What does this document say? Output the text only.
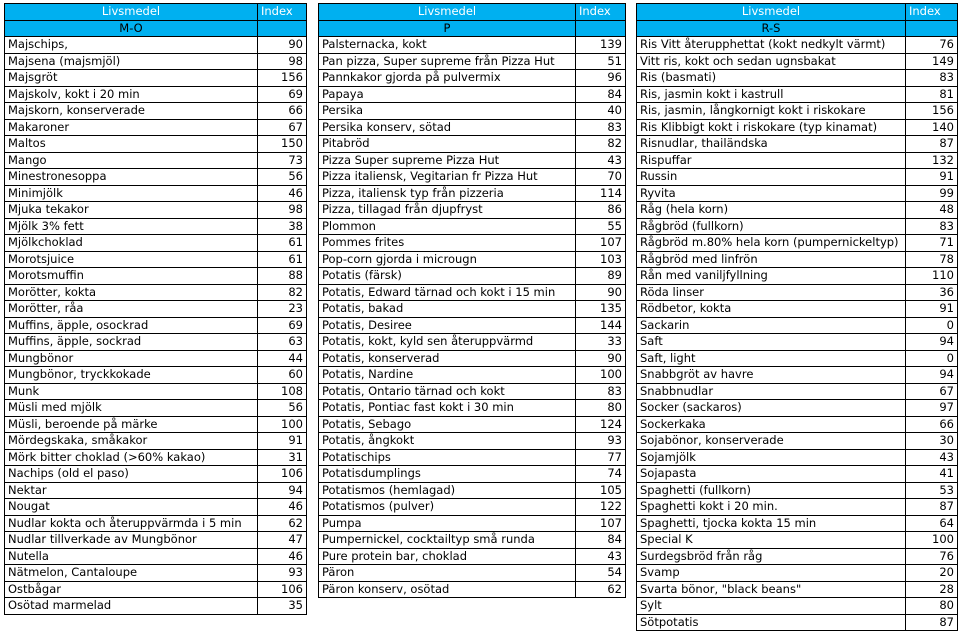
Livsmedel	Index
M-O	
Majschips,	90
Majsena (majsmjöl)	98
Majsgröt	156
Majskolv, kokt i 20 min	69
Majskorn, konserverade	66
Makaroner	67
Maltos	150
Mango	73
Minestronesoppa	56
Minimjölk	46
Mjuka tekakor	98
Mjölk 3% fett	38
Mjölkchoklad	61
Morotsjuice	61
Morotsmuffin	88
Morötter, kokta	82
Morötter, råa	23
Muffins, äpple, osockrad	69
Muffins, äpple, sockrad	63
Mungbönor	44
Mungbönor, tryckkokade	60
Munk	108
Müsli med mjölk	56
Müsli, beroende på märke	100
Mördegskaka, småkakor	91
Mörk bitter choklad (>60% kakao)	31
Nachips (old el paso)	106
Nektar	94
Nougat	46
Nudlar kokta och återuppvärmda i 5 min	62
Nudlar tillverkade av Mungbönor	47
Nutella	46
Nätmelon, Cantaloupe	93
Ostbågar	106
Osötad marmelad	35
Livsmedel	Index
P	
Palsternacka, kokt	139
Pan pizza, Super supreme från Pizza Hut	51
Pannkakor gjorda på pulvermix	96
Papaya	84
Persika	40
Persika konserv, sötad	83
Pitabröd	82
Pizza Super supreme Pizza Hut	43
Pizza italiensk, Vegitarian fr Pizza Hut	70
Pizza, italiensk typ från pizzeria	114
Pizza, tillagad från djupfryst	86
Plommon	55
Pommes frites	107
Pop-corn gjorda i microugn	103
Potatis (färsk)	89
Potatis, Edward tärnad och kokt i 15 min	90
Potatis, bakad	135
Potatis, Desiree	144
Potatis, kokt, kyld sen återuppvärmd	33
Potatis, konserverad	90
Potatis, Nardine	100
Potatis, Ontario tärnad och kokt	83
Potatis, Pontiac fast kokt i 30 min	80
Potatis, Sebago	124
Potatis, ångkokt	93
Potatischips	77
Potatisdumplings	74
Potatismos (hemlagad)	105
Potatismos (pulver)	122
Pumpa	107
Pumpernickel, cocktailtyp små runda	84
Pure protein bar, choklad	43
Päron	54
Päron konserv, osötad	62
Livsmedel	Index
R-S	
Ris Vitt återupphettat (kokt nedkylt värmt)	76
Vitt ris, kokt och sedan ugnsbakat	149
Ris (basmati)	83
Ris, jasmin kokt i kastrull	81
Ris, jasmin, långkornigt kokt i riskokare	156
Ris Klibbigt kokt i riskokare (typ kinamat)	140
Risnudlar, thailändska	87
Rispuffar	132
Russin	91
Ryvita	99
Råg (hela korn)	48
Rågbröd (fullkorn)	83
Rågbröd m.80% hela korn (pumpernickeltyp)	71
Rågbröd med linfrön	78
Rån med vaniljfyllning	110
Röda linser	36
Rödbetor, kokta	91
Sackarin	0
Saft	94
Saft, light	0
Snabbgröt av havre	94
Snabbnudlar	67
Socker (sackaros)	97
Sockerkaka	66
Sojabönor, konserverade	30
Sojamjölk	43
Sojapasta	41
Spaghetti (fullkorn)	53
Spaghetti kokt i 20 min.	87
Spaghetti, tjocka kokta 15 min	64
Special K	100
Surdegsbröd från råg	76
Svamp	20
Svarta bönor, "black beans"	28
Sylt	80
Sötpotatis	87
